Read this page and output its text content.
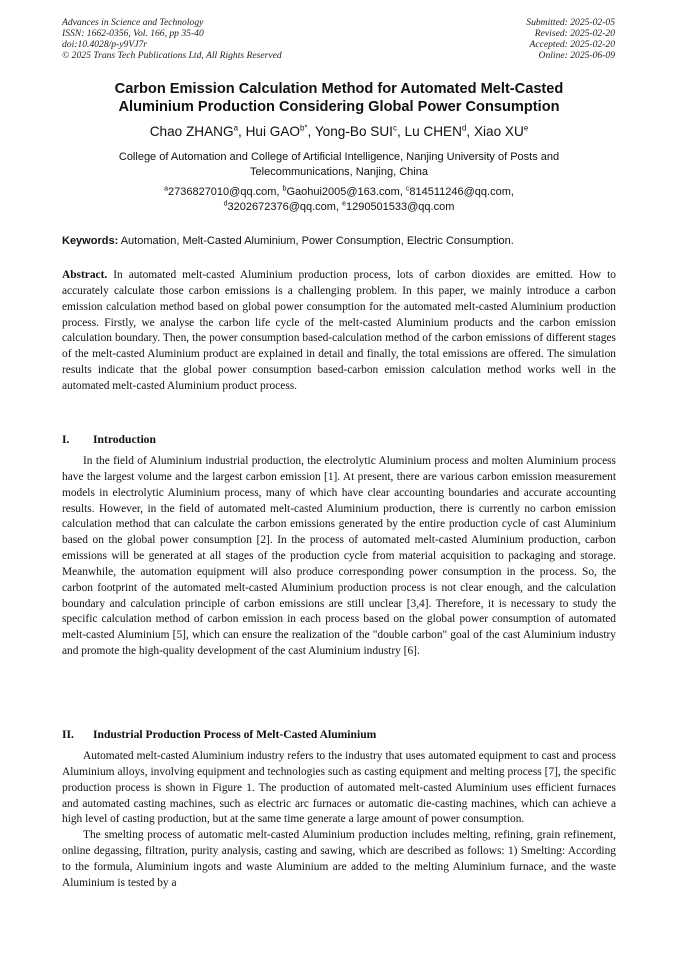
Advances in Science and Technology
ISSN: 1662-0356, Vol. 166, pp 35-40
doi:10.4028/p-y9VJ7r
© 2025 Trans Tech Publications Ltd, All Rights Reserved
Submitted: 2025-02-05
Revised: 2025-02-20
Accepted: 2025-02-20
Online: 2025-06-09
Carbon Emission Calculation Method for Automated Melt-Casted
Aluminium Production Considering Global Power Consumption
Chao ZHANG$^a$, Hui $GAO^{b*}$, Yong-Bo SUI$^c$, Lu CHEN$^d$, Xiao $XU^e$
College of Automation and College of Artificial Intelligence, Nanjing University of Posts and
Telecommunications, Nanjing, China
$^a$2736827010@qq.com, $^b$Gaohui2005@163.com, $^c$814511246@qq.com,
$^d$3202672376@qq.com, $^e$1290501533@qq.com
Keywords: Automation, Melt-Casted Aluminium, Power Consumption, Electric Consumption.

Abstract. In automated melt-casted Aluminium production process, lots of carbon dioxides are emitted. How to accurately calculate those carbon emissions is a challenging problem. In this paper, we mainly introduce a carbon emission calculation method based on global power consumption for the automated melt-casted Aluminium production process. Firstly, we analyse the carbon life cycle of the melt-casted Aluminium products and the carbon emission calculation boundary. Then, the power consumption based-calculation method of the carbon emissions of different stages of the melt-casted Aluminium product are explained in detail and finally, the total emissions are offered. The simulation results indicate that the global power consumption based-carbon emission calculation method works well in the automated melt-casted Aluminium product process.

I. Introduction

In the field of Aluminium industrial production, the electrolytic Aluminium process and molten Aluminium process have the largest volume and the largest carbon emission [1]. At present, there are various carbon emission measurement models in electrolytic Aluminium process, many of which have clear accounting boundaries and accurate accounting results. However, in the field of automated melt-casted Aluminium production, there is currently no carbon emission calculation method that can calculate the carbon emissions generated by the entire production cycle of cast Aluminium based on the global power consumption [2]. In the process of automated melt-casted Aluminium production, carbon emissions will be generated at all stages of the production cycle from material acquisition to packaging and storage. Meanwhile, the automation equipment will also produce corresponding power consumption in the process. So, the carbon footprint of the automated melt-casted Aluminium production process is not clear enough, and the calculation boundary and calculation principle of carbon emissions are still unclear [3,4]. Therefore, it is necessary to study the specific calculation method of carbon emission in each process based on the global power consumption of automated melt-casted Aluminium [5], which can ensure the realization of the "double carbon" goal of the cast Aluminium industry and promote the high-quality development of the cast Aluminium industry [6].

II. Industrial Production Process of Melt-Casted Aluminium

Automated melt-casted Aluminium industry refers to the industry that uses automated equipment to cast and process Aluminium alloys, involving equipment and technologies such as casting equipment and melting process [7], the specific production process is shown in Figure 1. The production of automated melt-casted Aluminium uses efficient furnaces and automated casting machines, such as electric arc furnaces or automatic die-casting machines, which can achieve a high level of casting production, but at the same time generate a large amount of power consumption.

The smelting process of automatic melt-casted Aluminium production includes melting, refining, grain refinement, online degassing, filtration, purity analysis, casting and sawing, which are described as follows: 1) Smelting: According to the formula, Aluminium ingots and waste Aluminium are added to the melting Aluminium furnace, and the waste Aluminium is tested by a
